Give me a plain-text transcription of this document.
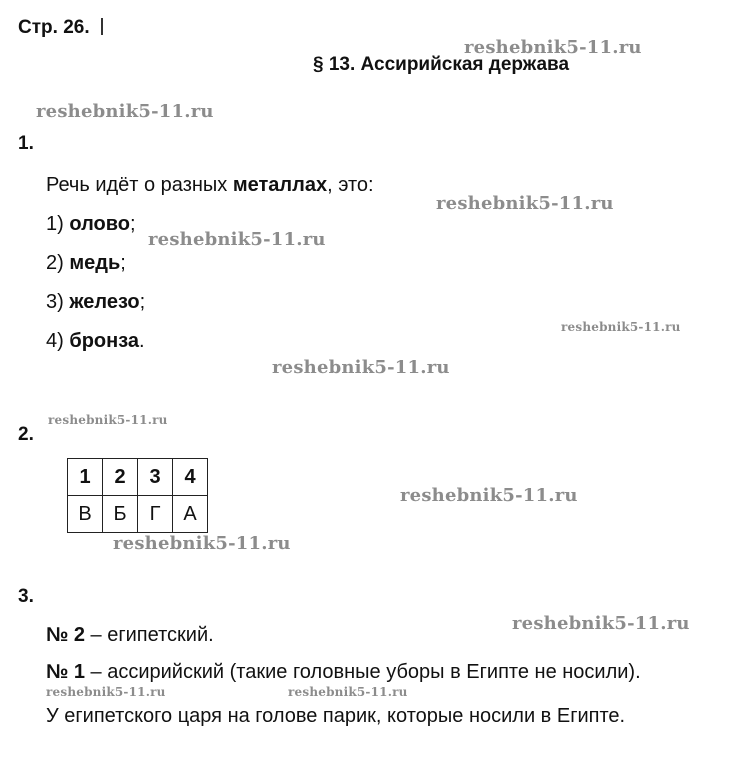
Стр. 26.
§ 13. Ассирийская держава
1.
Речь идёт о разных металлах, это:
1) олово;
2) медь;
3) железо;
4) бронза.
2.
1	2	3	4
В	Б	Г	А
3.
№ 2 – египетский.
№ 1 – ассирийский (такие головные уборы в Египте не носили).
У египетского царя на голове парик, которые носили в Египте.
reshebnik5-11.ru
reshebnik5-11.ru
reshebnik5-11.ru
reshebnik5-11.ru
reshebnik5-11.ru
reshebnik5-11.ru
reshebnik5-11.ru
reshebnik5-11.ru
reshebnik5-11.ru
reshebnik5-11.ru
reshebnik5-11.ru	reshebnik5-11.ru
